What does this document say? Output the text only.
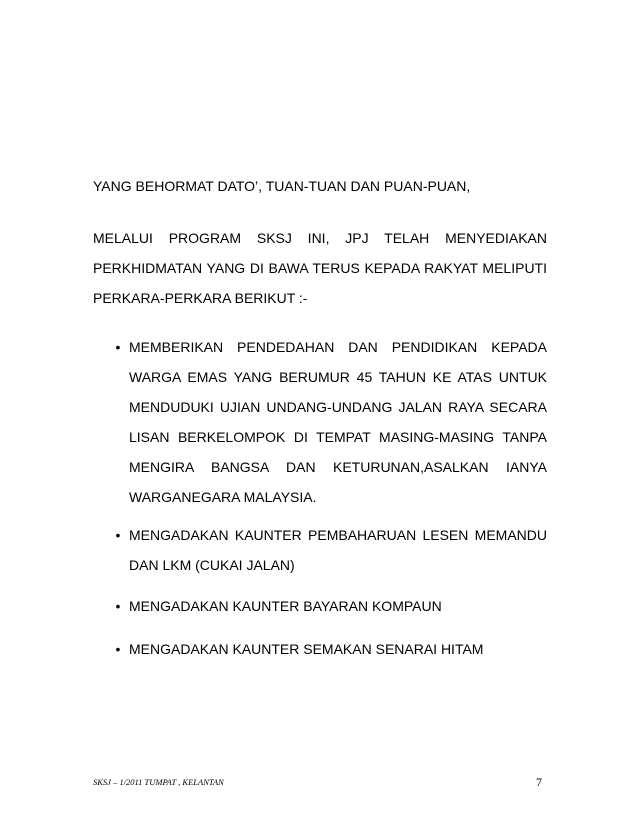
YANG BEHORMAT DATO’, TUAN-TUAN DAN PUAN-PUAN,
MELALUI PROGRAM SKSJ INI, JPJ TELAH MENYEDIAKAN PERKHIDMATAN YANG DI BAWA TERUS KEPADA RAKYAT MELIPUTI PERKARA-PERKARA BERIKUT :-
• MEMBERIKAN PENDEDAHAN DAN PENDIDIKAN KEPADA WARGA EMAS YANG BERUMUR 45 TAHUN KE ATAS UNTUK MENDUDUKI UJIAN UNDANG-UNDANG JALAN RAYA SECARA LISAN BERKELOMPOK DI TEMPAT MASING-MASING TANPA MENGIRA BANGSA DAN KETURUNAN,ASALKAN IANYA WARGANEGARA MALAYSIA.
• MENGADAKAN KAUNTER PEMBAHARUAN LESEN MEMANDU DAN LKM (CUKAI JALAN)
• MENGADAKAN KAUNTER BAYARAN KOMPAUN
• MENGADAKAN KAUNTER SEMAKAN SENARAI HITAM
SKSJ – 1/2011 TUMPAT , KELANTAN	7
